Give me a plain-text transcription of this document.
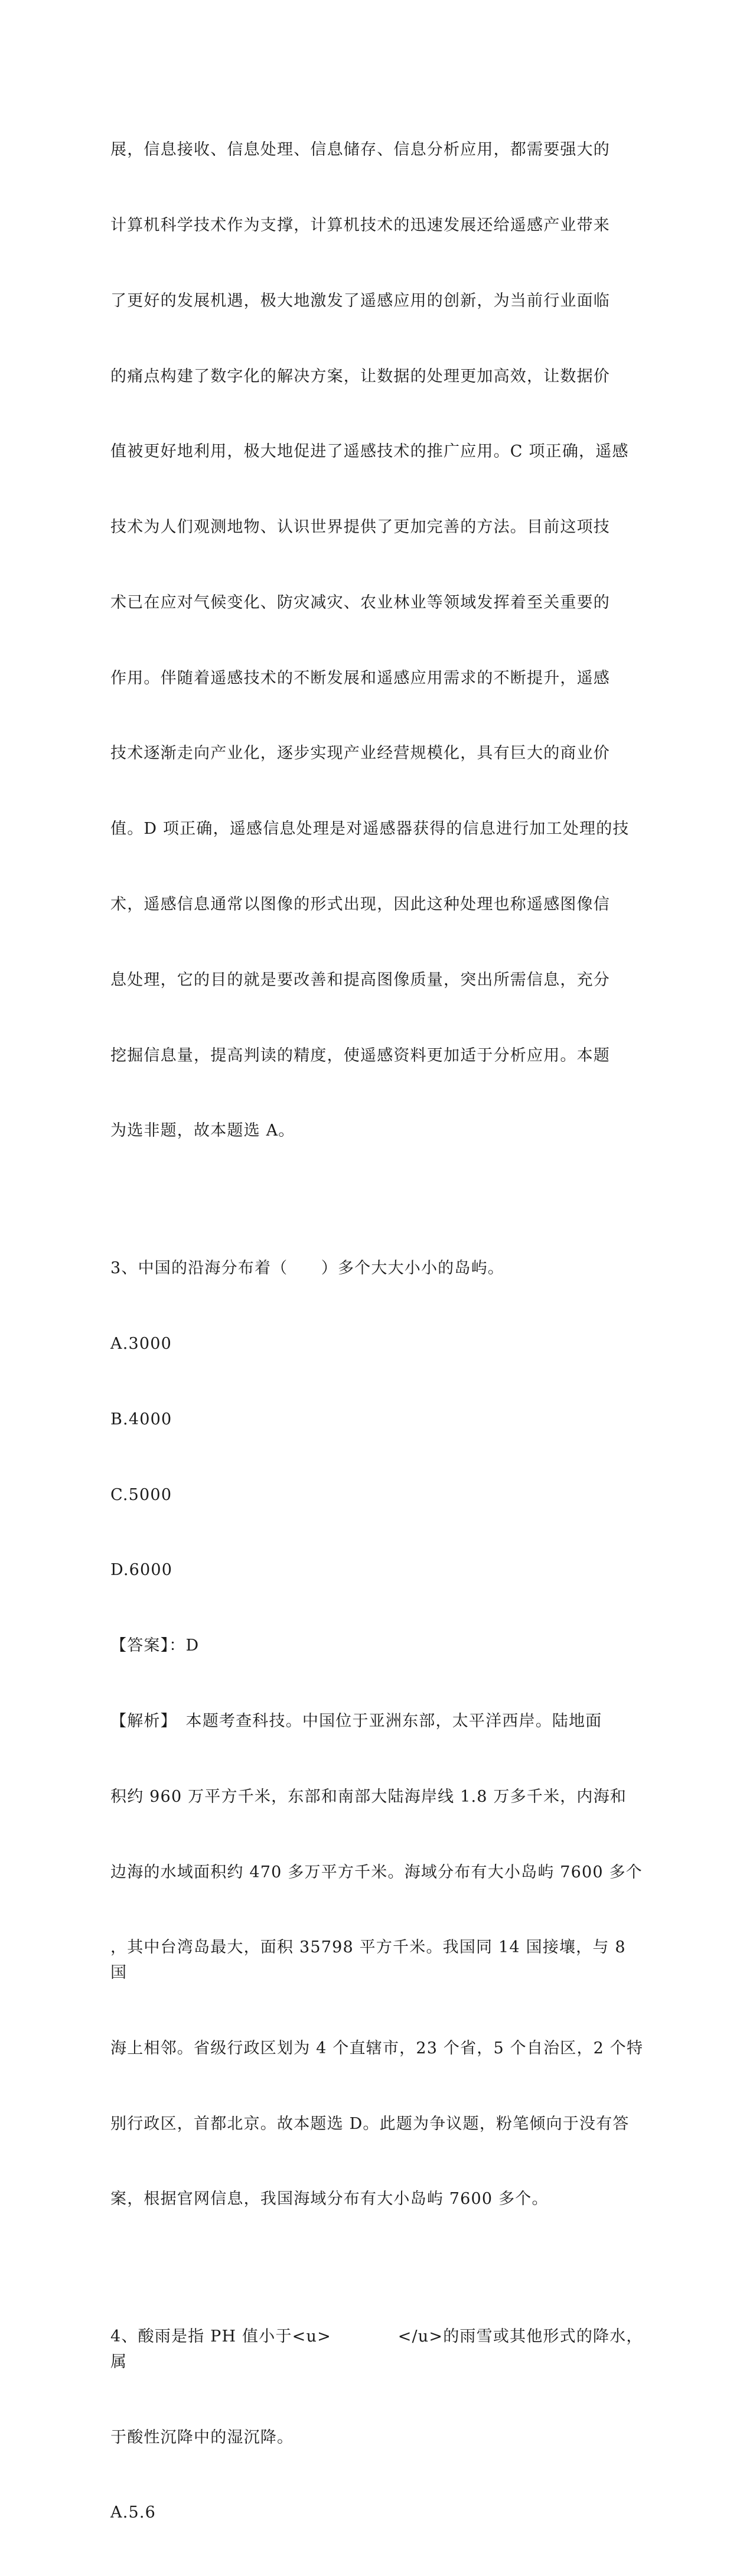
展，信息接收、信息处理、信息储存、信息分析应用，都需要强大的

计算机科学技术作为支撑，计算机技术的迅速发展还给遥感产业带来

了更好的发展机遇，极大地激发了遥感应用的创新，为当前行业面临

的痛点构建了数字化的解决方案，让数据的处理更加高效，让数据价

值被更好地利用，极大地促进了遥感技术的推广应用。C 项正确，遥感

技术为人们观测地物、认识世界提供了更加完善的方法。目前这项技

术已在应对气候变化、防灾减灾、农业林业等领域发挥着至关重要的

作用。伴随着遥感技术的不断发展和遥感应用需求的不断提升，遥感

技术逐渐走向产业化，逐步实现产业经营规模化，具有巨大的商业价

值。D 项正确，遥感信息处理是对遥感器获得的信息进行加工处理的技

术，遥感信息通常以图像的形式出现，因此这种处理也称遥感图像信

息处理，它的目的就是要改善和提高图像质量，突出所需信息，充分

挖掘信息量，提高判读的精度，使遥感资料更加适于分析应用。本题

为选非题，故本题选 A。

3、中国的沿海分布着（　　）多个大大小小的岛屿。

A.3000

B.4000

C.5000

D.6000

【答案】：D

【解析】　本题考查科技。中国位于亚洲东部，太平洋西岸。陆地面

积约 960 万平方千米，东部和南部大陆海岸线 1.8 万多千米，内海和

边海的水域面积约 470 多万平方千米。海域分布有大小岛屿 7600 多个

，其中台湾岛最大，面积 35798 平方千米。我国同 14 国接壤，与 8 国

海上相邻。省级行政区划为 4 个直辖市，23 个省，5 个自治区，2 个特

别行政区，首都北京。故本题选 D。此题为争议题，粉笔倾向于没有答

案，根据官网信息，我国海域分布有大小岛屿 7600 多个。

4、酸雨是指 PH 值小于<u>　　　　</u>的雨雪或其他形式的降水，属

于酸性沉降中的湿沉降。

A.5.6
